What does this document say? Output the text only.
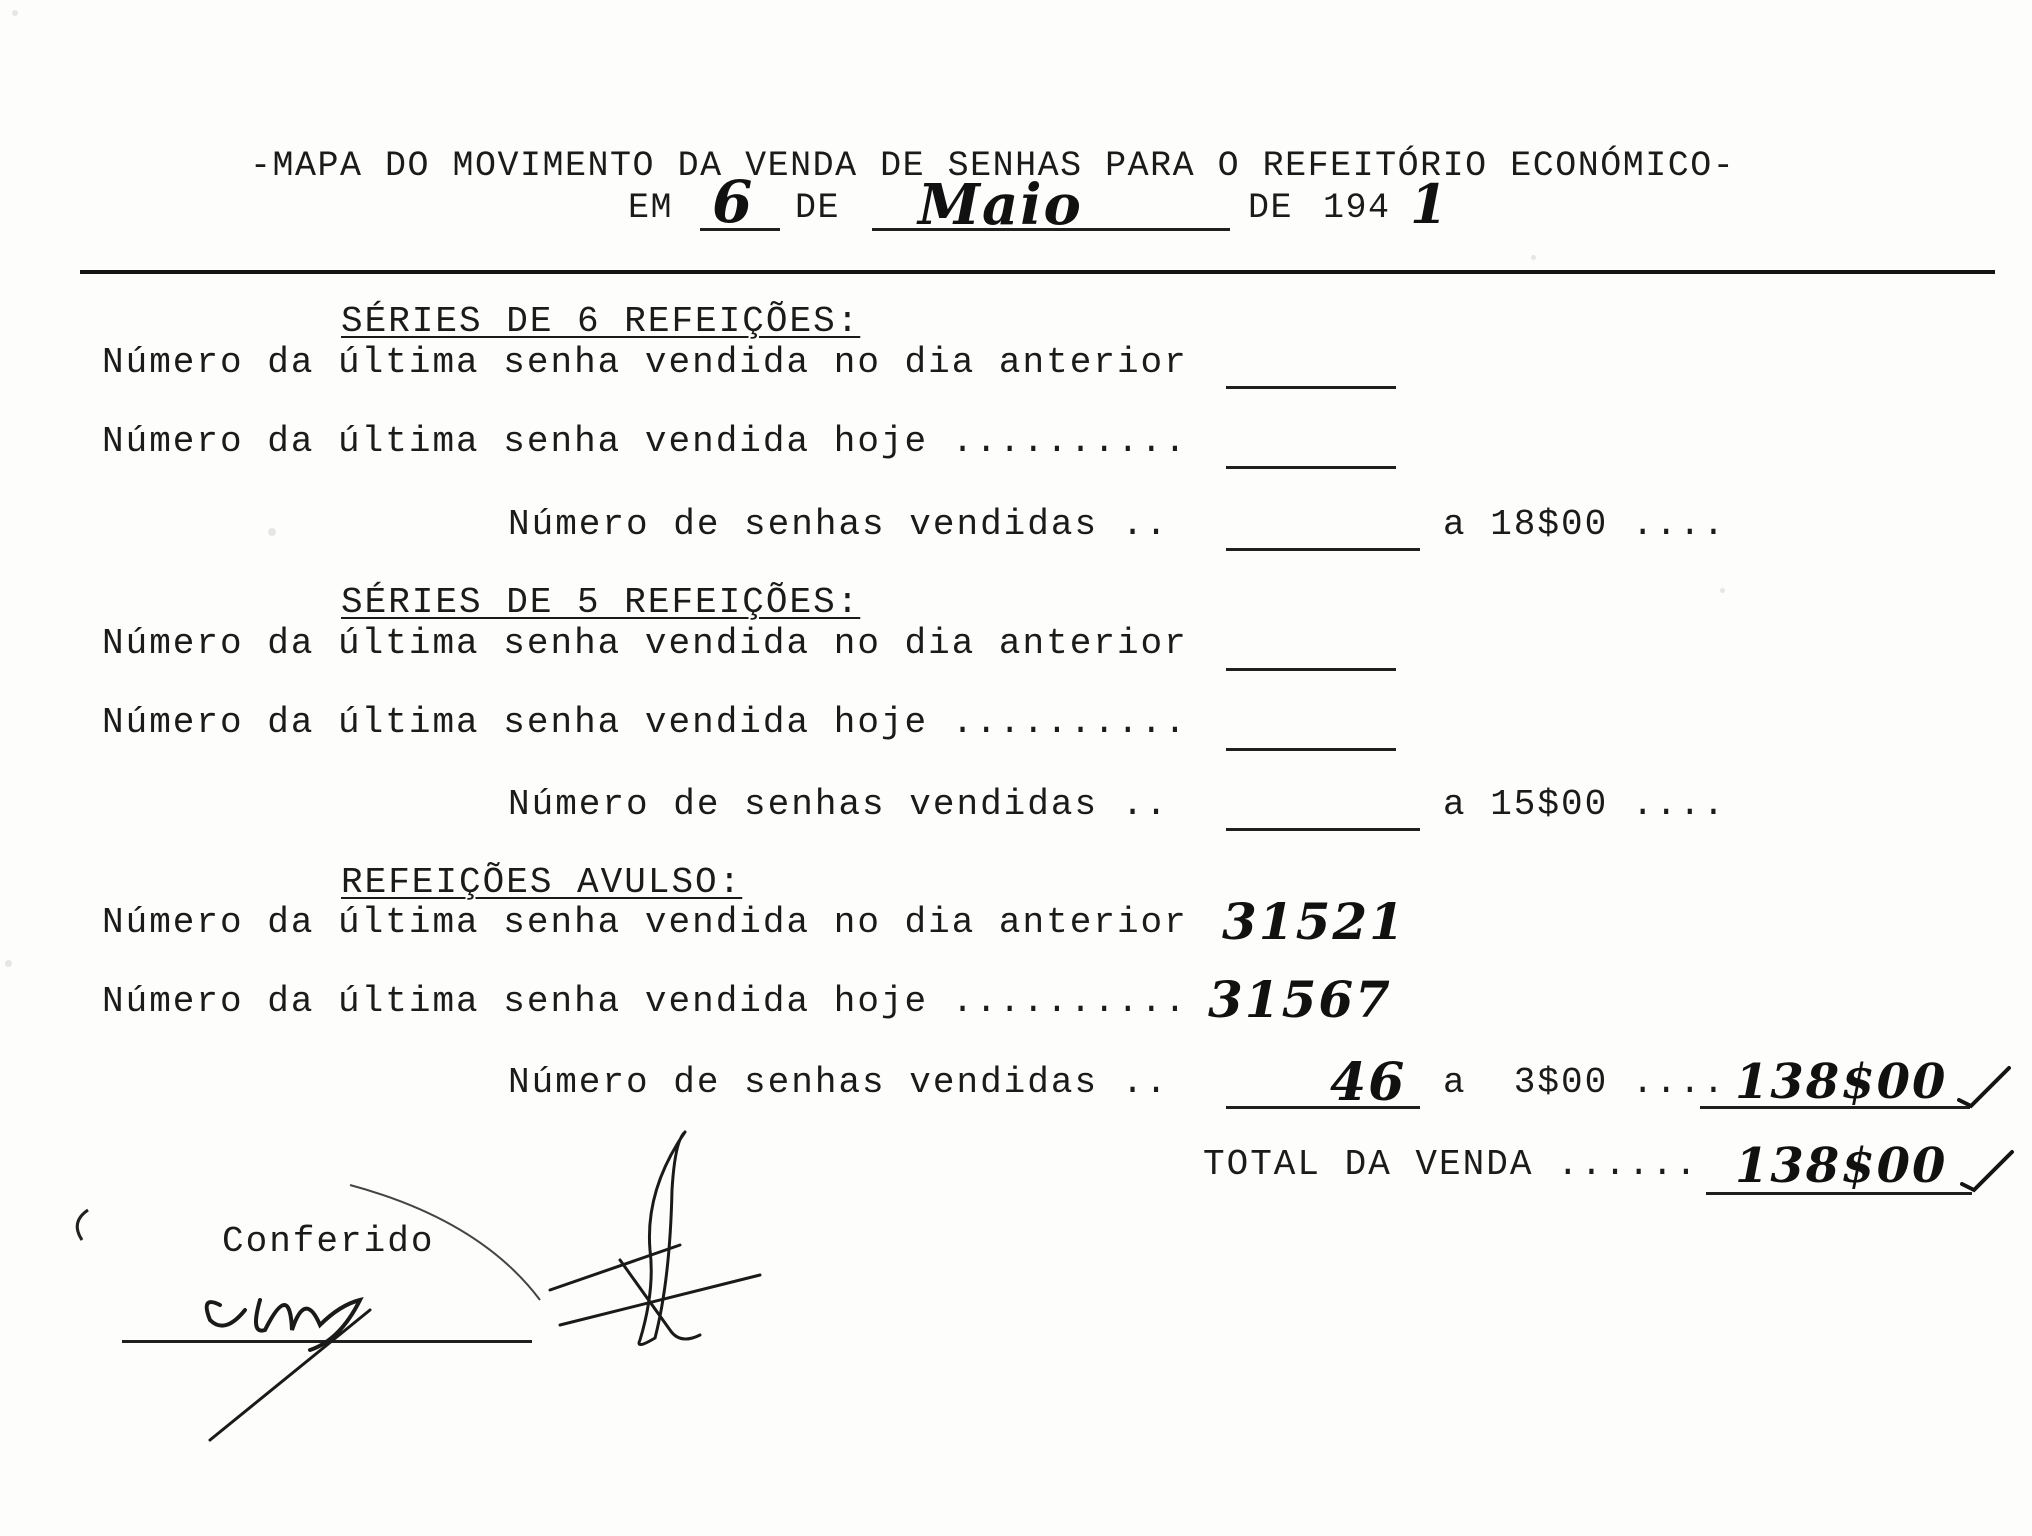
-MAPA DO MOVIMENTO DA VENDA DE SENHAS PARA O REFEITÓRIO ECONÓMICO-
EM 6 DE Maio	DE 194 1
SÉRIES DE 6 REFEIÇÕES:
Número da última senha vendida no dia anterior
Número da última senha vendida hoje ..........
Número de senhas vendidas ..	a 18$00 ....
SÉRIES DE 5 REFEIÇÕES:
Número da última senha vendida no dia anterior
Número da última senha vendida hoje ..........
Número de senhas vendidas ..	a 15$00 ....
REFEIÇÕES AVULSO:
Número da última senha vendida no dia anterior 31521
Número da última senha vendida hoje .......... 31567
Número de senhas vendidas ..	46 a  3$00 .... 138$00
TOTAL DA VENDA ...... 138$00
Conferido
